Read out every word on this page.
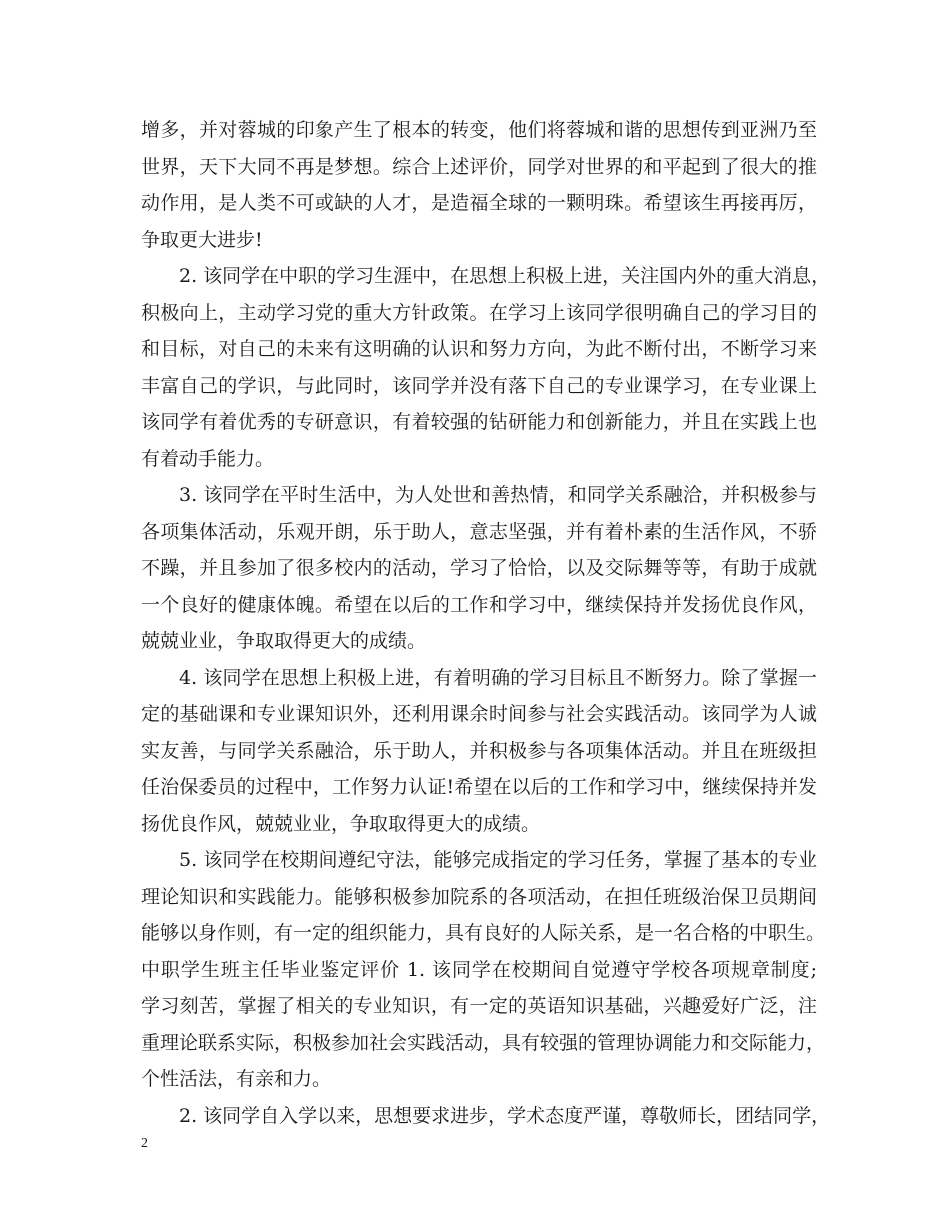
增多，并对蓉城的印象产生了根本的转变，他们将蓉城和谐的思想传到亚洲乃至
世界，天下大同不再是梦想。综合上述评价，同学对世界的和平起到了很大的推
动作用，是人类不可或缺的人才，是造福全球的一颗明珠。希望该生再接再厉，
争取更大进步!
2. 该同学在中职的学习生涯中，在思想上积极上进，关注国内外的重大消息，
积极向上，主动学习党的重大方针政策。在学习上该同学很明确自己的学习目的
和目标，对自己的未来有这明确的认识和努力方向，为此不断付出，不断学习来
丰富自己的学识，与此同时，该同学并没有落下自己的专业课学习，在专业课上
该同学有着优秀的专研意识，有着较强的钻研能力和创新能力，并且在实践上也
有着动手能力。
3. 该同学在平时生活中，为人处世和善热情，和同学关系融洽，并积极参与
各项集体活动，乐观开朗，乐于助人，意志坚强，并有着朴素的生活作风，不骄
不躁，并且参加了很多校内的活动，学习了恰恰，以及交际舞等等，有助于成就
一个良好的健康体魄。希望在以后的工作和学习中，继续保持并发扬优良作风，
兢兢业业，争取取得更大的成绩。
4. 该同学在思想上积极上进，有着明确的学习目标且不断努力。除了掌握一
定的基础课和专业课知识外，还利用课余时间参与社会实践活动。该同学为人诚
实友善，与同学关系融洽，乐于助人，并积极参与各项集体活动。并且在班级担
任治保委员的过程中，工作努力认证!希望在以后的工作和学习中，继续保持并发
扬优良作风，兢兢业业，争取取得更大的成绩。
5. 该同学在校期间遵纪守法，能够完成指定的学习任务，掌握了基本的专业
理论知识和实践能力。能够积极参加院系的各项活动，在担任班级治保卫员期间
能够以身作则，有一定的组织能力，具有良好的人际关系，是一名合格的中职生。
中职学生班主任毕业鉴定评价 1. 该同学在校期间自觉遵守学校各项规章制度;
学习刻苦，掌握了相关的专业知识，有一定的英语知识基础，兴趣爱好广泛，注
重理论联系实际，积极参加社会实践活动，具有较强的管理协调能力和交际能力，
个性活法，有亲和力。
2. 该同学自入学以来，思想要求进步，学术态度严谨，尊敬师长，团结同学，
2
